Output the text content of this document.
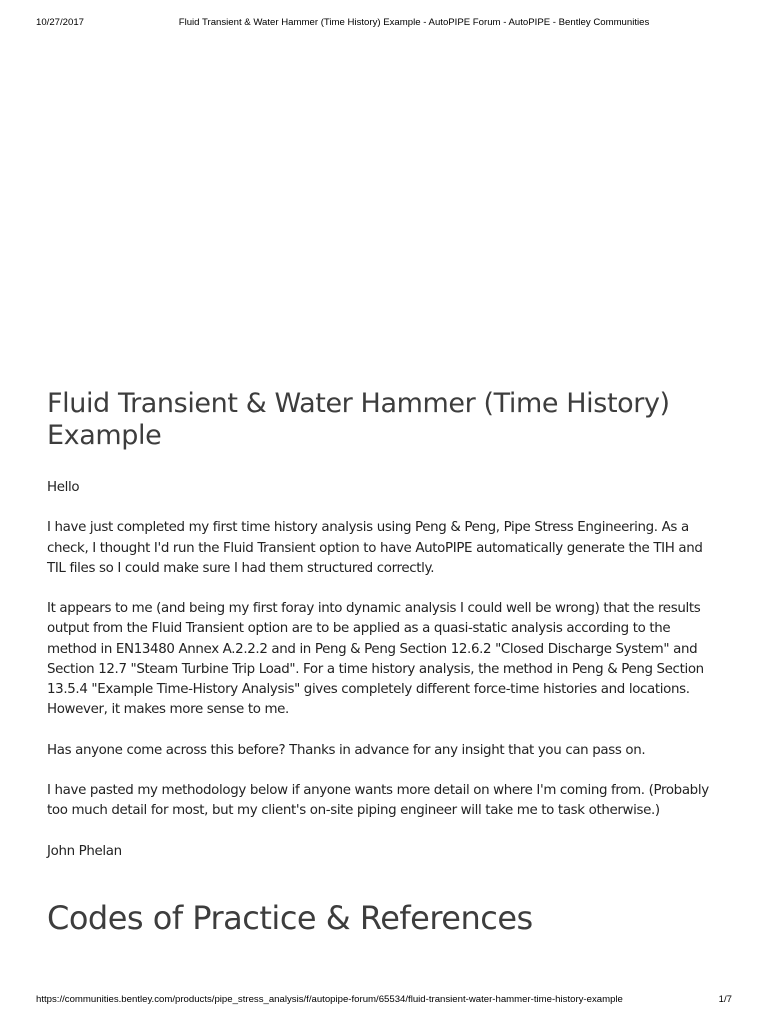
10/27/2017	Fluid Transient & Water Hammer (Time History) Example - AutoPIPE Forum - AutoPIPE - Bentley Communities
Fluid Transient & Water Hammer (Time History) Example

Hello

I have just completed my first time history analysis using Peng & Peng, Pipe Stress Engineering. As a check, I thought I'd run the Fluid Transient option to have AutoPIPE automatically generate the TIH and TIL files so I could make sure I had them structured correctly.

It appears to me (and being my first foray into dynamic analysis I could well be wrong) that the results output from the Fluid Transient option are to be applied as a quasi-static analysis according to the method in EN13480 Annex A.2.2.2 and in Peng & Peng Section 12.6.2 "Closed Discharge System" and Section 12.7 "Steam Turbine Trip Load". For a time history analysis, the method in Peng & Peng Section 13.5.4 "Example Time-History Analysis" gives completely different force-time histories and locations. However, it makes more sense to me.

Has anyone come across this before? Thanks in advance for any insight that you can pass on.

I have pasted my methodology below if anyone wants more detail on where I'm coming from. (Probably too much detail for most, but my client's on-site piping engineer will take me to task otherwise.)

John Phelan

Codes of Practice & References
https://communities.bentley.com/products/pipe_stress_analysis/f/autopipe-forum/65534/fluid-transient-water-hammer-time-history-example	1/7
